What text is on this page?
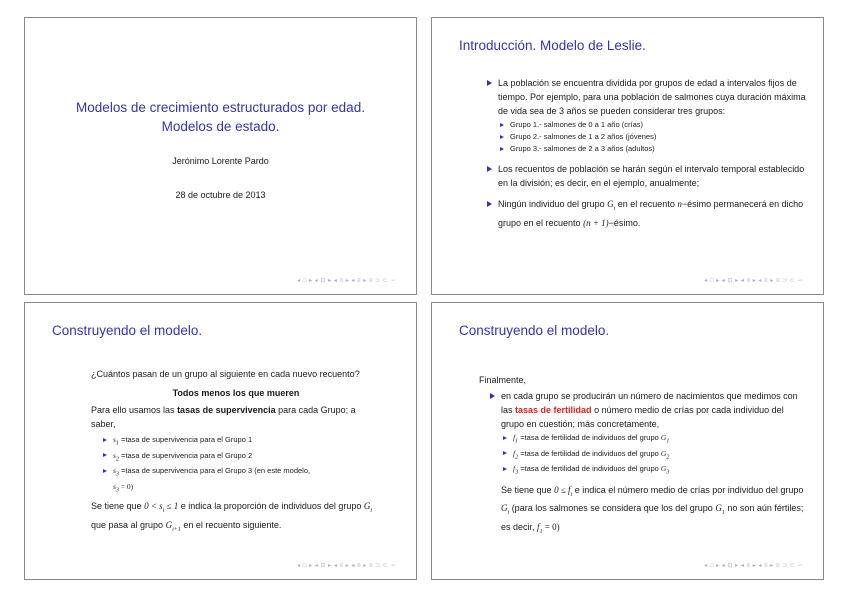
Modelos de crecimiento estructurados por edad.
Modelos de estado.
Jerónimo Lorente Pardo
28 de octubre de 2013
◂ □ ▸ ◂ ⊡ ▸ ◂ ≡ ▸ ◂ ≡ ▸ ≡ ⊃ ⊂ ∽
Introducción. Modelo de Leslie.
La población se encuentra dividida por grupos de edad a intervalos fijos de tiempo. Por ejemplo, para una población de salmones cuya duración máxima de vida sea de 3 años se pueden considerar tres grupos:
Grupo 1.- salmones de 0 a 1 año (crías)
Grupo 2.- salmones de 1 a 2 años (jóvenes)
Grupo 3.- salmones de 2 a 3 años (adultos)
Los recuentos de población se harán según el intervalo temporal establecido en la división; es decir, en el ejemplo, anualmente;
Ningún individuo del grupo $G_i$ en el recuento n−ésimo permanecerá en dicho grupo en el recuento (n + 1)−ésimo.
◂ □ ▸ ◂ ⊡ ▸ ◂ ≡ ▸ ◂ ≡ ▸ ≡ ⊃ ⊂ ∽
Construyendo el modelo.

¿Cuántos pasan de un grupo al siguiente en cada nuevo recuento?

Todos menos los que mueren

Para ello usamos las tasas de supervivencia para cada Grupo; a saber,

$s_1$ =tasa de supervivencia para el Grupo 1
$s_2$ =tasa de supervivencia para el Grupo 2
$s_3$ =tasa de supervivencia para el Grupo 3 (en este modelo,
$s_3 = 0$)

Se tiene que $0 < s_i \le 1$ e indica la proporción de individuos del grupo $G_i$ que pasa al grupo $G_{i+1}$ en el recuento siguiente.

◂ □ ▸ ◂ ⊡ ▸ ◂ ≡ ▸ ◂ ≡ ▸ ≡ ⊃ ⊂ ∽
Construyendo el modelo.

Finalmente,

en cada grupo se producirán un número de nacimientos que medimos con las tasas de fertilidad o número medio de crías por cada individuo del grupo en cuestión; más concretamente,
$f_1$ =tasa de fertilidad de individuos del grupo $G_1$
$f_2$ =tasa de fertilidad de individuos del grupo $G_2$
$f_3$ =tasa de fertilidad de individuos del grupo $G_3$

Se tiene que $0 \le f_i$ e indica el número medio de crías por individuo del grupo $G_i$ (para los salmones se considera que los del grupo $G_1$ no son aún fértiles; es decir, $f_1 = 0$)

◂ □ ▸ ◂ ⊡ ▸ ◂ ≡ ▸ ◂ ≡ ▸ ≡ ⊃ ⊂ ∽
